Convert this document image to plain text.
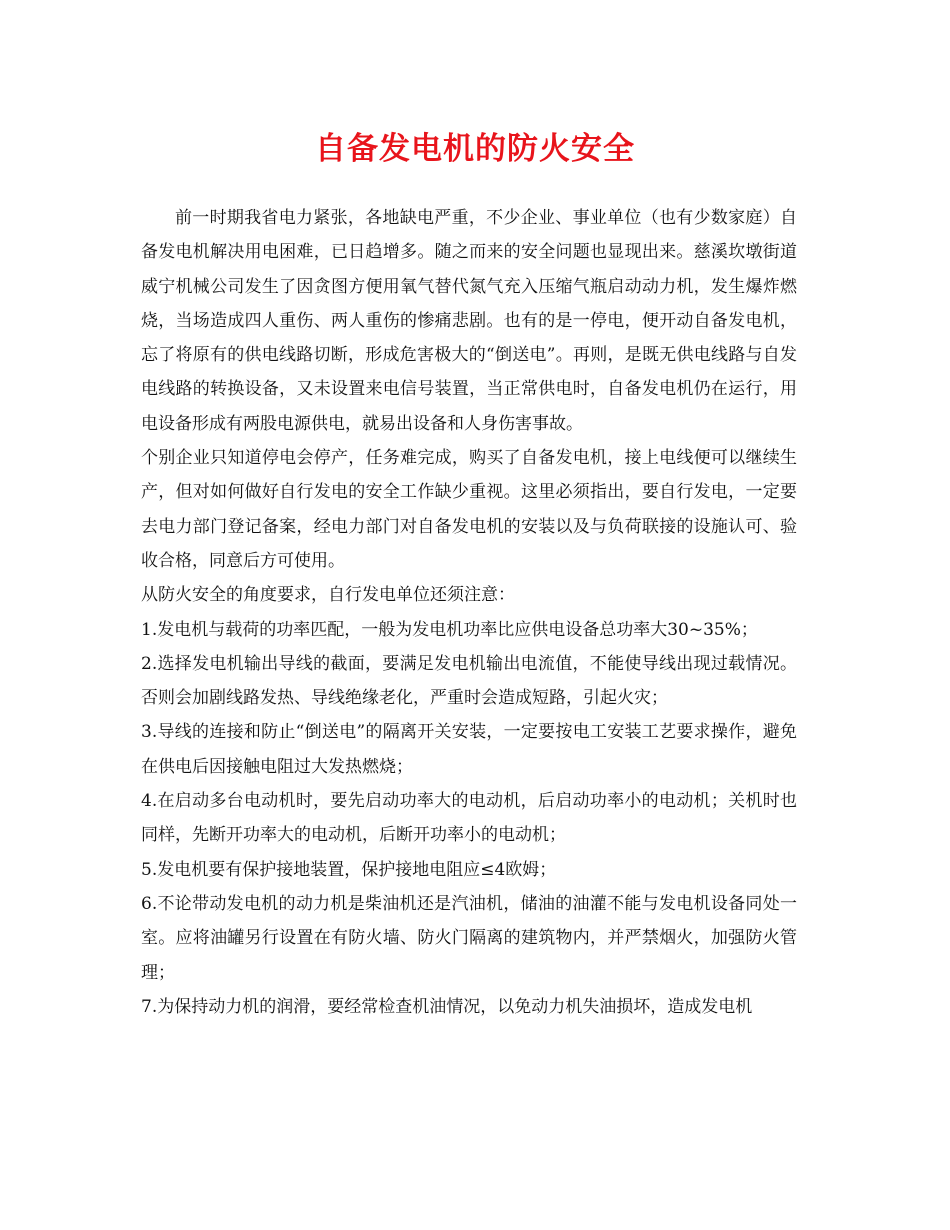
自备发电机的防火安全

前一时期我省电力紧张，各地缺电严重，不少企业、事业单位（也有少数家庭）自备发电机解决用电困难，已日趋增多。随之而来的安全问题也显现出来。慈溪坎墩街道威宁机械公司发生了因贪图方便用氧气替代氮气充入压缩气瓶启动动力机，发生爆炸燃烧，当场造成四人重伤、两人重伤的惨痛悲剧。也有的是一停电，便开动自备发电机，忘了将原有的供电线路切断，形成危害极大的“倒送电”。再则，是既无供电线路与自发电线路的转换设备，又未设置来电信号装置，当正常供电时，自备发电机仍在运行，用电设备形成有两股电源供电，就易出设备和人身伤害事故。

个别企业只知道停电会停产，任务难完成，购买了自备发电机，接上电线便可以继续生产，但对如何做好自行发电的安全工作缺少重视。这里必须指出，要自行发电，一定要去电力部门登记备案，经电力部门对自备发电机的安装以及与负荷联接的设施认可、验收合格，同意后方可使用。

从防火安全的角度要求，自行发电单位还须注意：

1.发电机与载荷的功率匹配，一般为发电机功率比应供电设备总功率大30~35%；

2.选择发电机输出导线的截面，要满足发电机输出电流值，不能使导线出现过载情况。否则会加剧线路发热、导线绝缘老化，严重时会造成短路，引起火灾；

3.导线的连接和防止“倒送电”的隔离开关安装，一定要按电工安装工艺要求操作，避免在供电后因接触电阻过大发热燃烧；

4.在启动多台电动机时，要先启动功率大的电动机，后启动功率小的电动机；关机时也同样，先断开功率大的电动机，后断开功率小的电动机；

5.发电机要有保护接地装置，保护接地电阻应≤4欧姆；

6.不论带动发电机的动力机是柴油机还是汽油机，储油的油灌不能与发电机设备同处一室。应将油罐另行设置在有防火墙、防火门隔离的建筑物内，并严禁烟火，加强防火管理；

7.为保持动力机的润滑，要经常检查机油情况，以免动力机失油损坏，造成发电机
